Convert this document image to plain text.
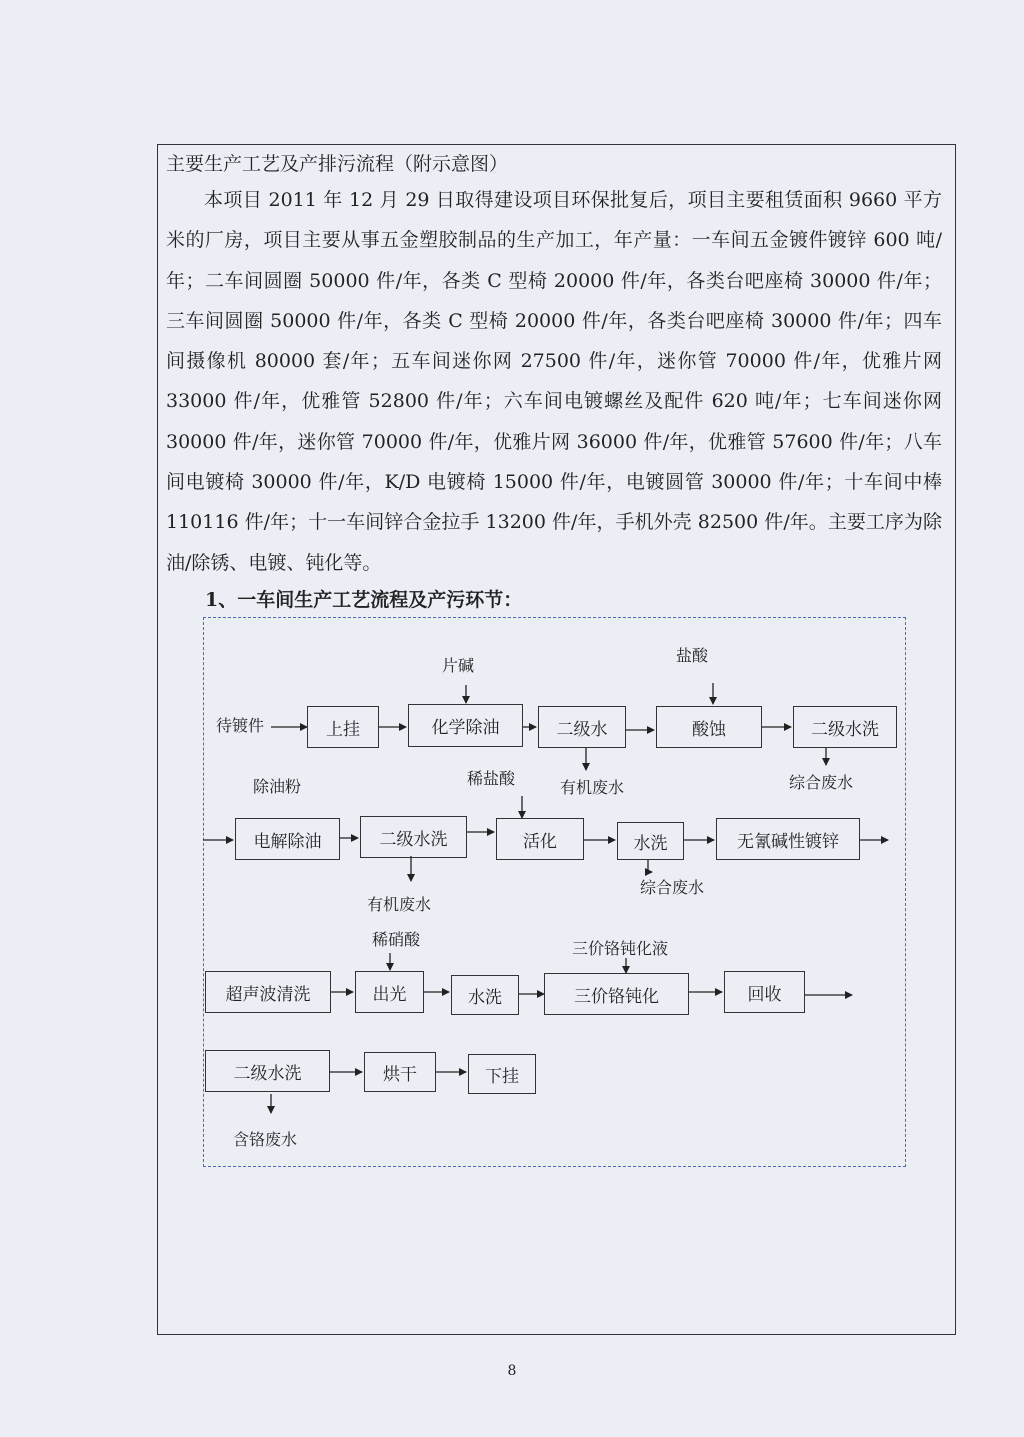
主要生产工艺及产排污流程（附示意图）

本项目 2011 年 12 月 29 日取得建设项目环保批复后，项目主要租赁面积 9660 平方米的厂房，项目主要从事五金塑胶制品的生产加工，年产量：一车间五金镀件镀锌 600 吨/年；二车间圆圈 50000 件/年，各类 C 型椅 20000 件/年，各类台吧座椅 30000 件/年；三车间圆圈 50000 件/年，各类 C 型椅 20000 件/年，各类台吧座椅 30000 件/年；四车间摄像机 80000 套/年；五车间迷你网 27500 件/年，迷你管 70000 件/年，优雅片网 33000 件/年，优雅管 52800 件/年；六车间电镀螺丝及配件 620 吨/年；七车间迷你网 30000 件/年，迷你管 70000 件/年，优雅片网 36000 件/年，优雅管 57600 件/年；八车间电镀椅 30000 件/年，K/D 电镀椅 15000 件/年，电镀圆管 30000 件/年；十车间中棒 110116 件/年；十一车间锌合金拉手 13200 件/年，手机外壳 82500 件/年。主要工序为除油/除锈、电镀、钝化等。

1、一车间生产工艺流程及产污环节：
待镀件	上挂	化学除油	二级水	酸蚀	二级水洗
片碱
盐酸
有机废水	综合废水
电解除油	二级水洗	活化	水洗	无氰碱性镀锌
除油粉	稀盐酸
有机废水
综合废水
超声波清洗	出光	水洗	三价铬钝化	回收
稀硝酸	三价铬钝化液
二级水洗	烘干	下挂
含铬废水
8
